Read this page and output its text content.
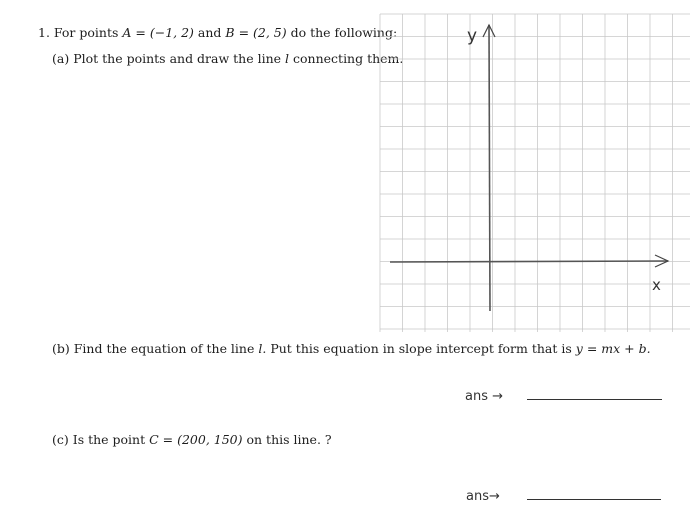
1. For points A = (−1, 2) and B = (2, 5) do the following:
(a) Plot the points and draw the line l connecting them.
y
x
(b) Find the equation of the line l. Put this equation in slope intercept form that is y = mx + b.
ans →
(c) Is the point C = (200, 150) on this line. ?
ans→
